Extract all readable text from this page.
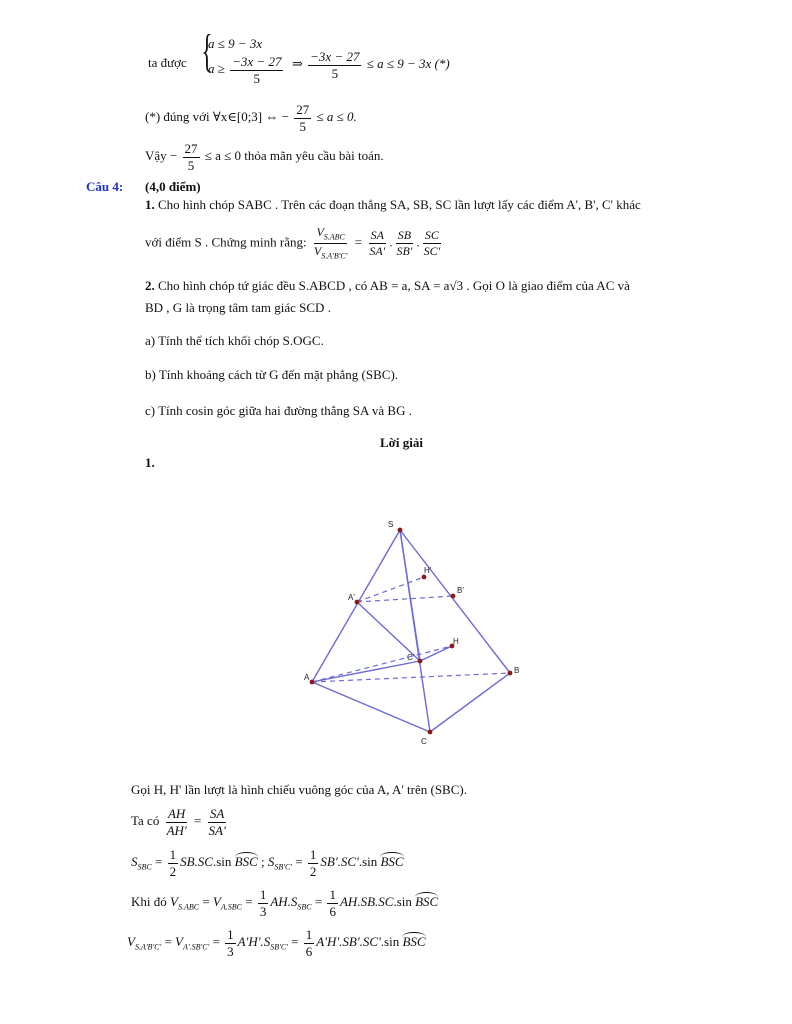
ta được {
a ≤ 9 − 3x
$a \ge \frac{-3x - 27}{5}$ ⇒ $\frac{-3x - 27}{5} \le a \le 9 - 3x$ (*)
(*) đúng với ∀x∈[0;3] ⇔ − $\frac{27}{5} \le a \le 0$.
Vậy − $\frac{27}{5} \le a \le 0$ thỏa mãn yêu cầu bài toán.
Câu 4: (4,0 điểm)
1. Cho hình chóp SABC . Trên các đoạn thẳng SA, SB, SC lần lượt lấy các điểm A', B', C' khác
với điểm S . Chứng minh rằng: $\frac{V_{S.ABC}}{V_{S.A'B'C'}} = \frac{SA}{SA'}$ . $\frac{SB}{SB'}$ . $\frac{SC}{SC'}$
2. Cho hình chóp tứ giác đều S.ABCD , có AB = a, SA = a√3 . Gọi O là giao điểm của AC và
BD , G là trọng tâm tam giác SCD .
a) Tính thể tích khối chóp S.OGC.
b) Tính khoảng cách từ G đến mặt phẳng (SBC).
c) Tính cosin góc giữa hai đường thẳng SA và BG .
Lời giải
1.
S
A
B
C
A'
B'
C'
H
H'
Gọi H, H' lần lượt là hình chiếu vuông góc của A, A' trên (SBC).
Ta có $\frac{AH}{AH'} = \frac{SA}{SA'}$
$S_{SBC} = \frac{1}{2} SB.SC.\sin$ BSC ; $S_{SB'C'} = \frac{1}{2} SB'.SC'.\sin$ BSC
Khi đó $V_{S.ABC} = V_{A.SBC} = \frac{1}{3} AH.S_{SBC} = \frac{1}{6} AH.SB.SC.\sin$ BSC
$V_{S.A'B'C'} = V_{A'.SB'C'} = \frac{1}{3} A'H'.S_{SB'C'} = \frac{1}{6} A'H'.SB'.SC'.\sin$ BSC
